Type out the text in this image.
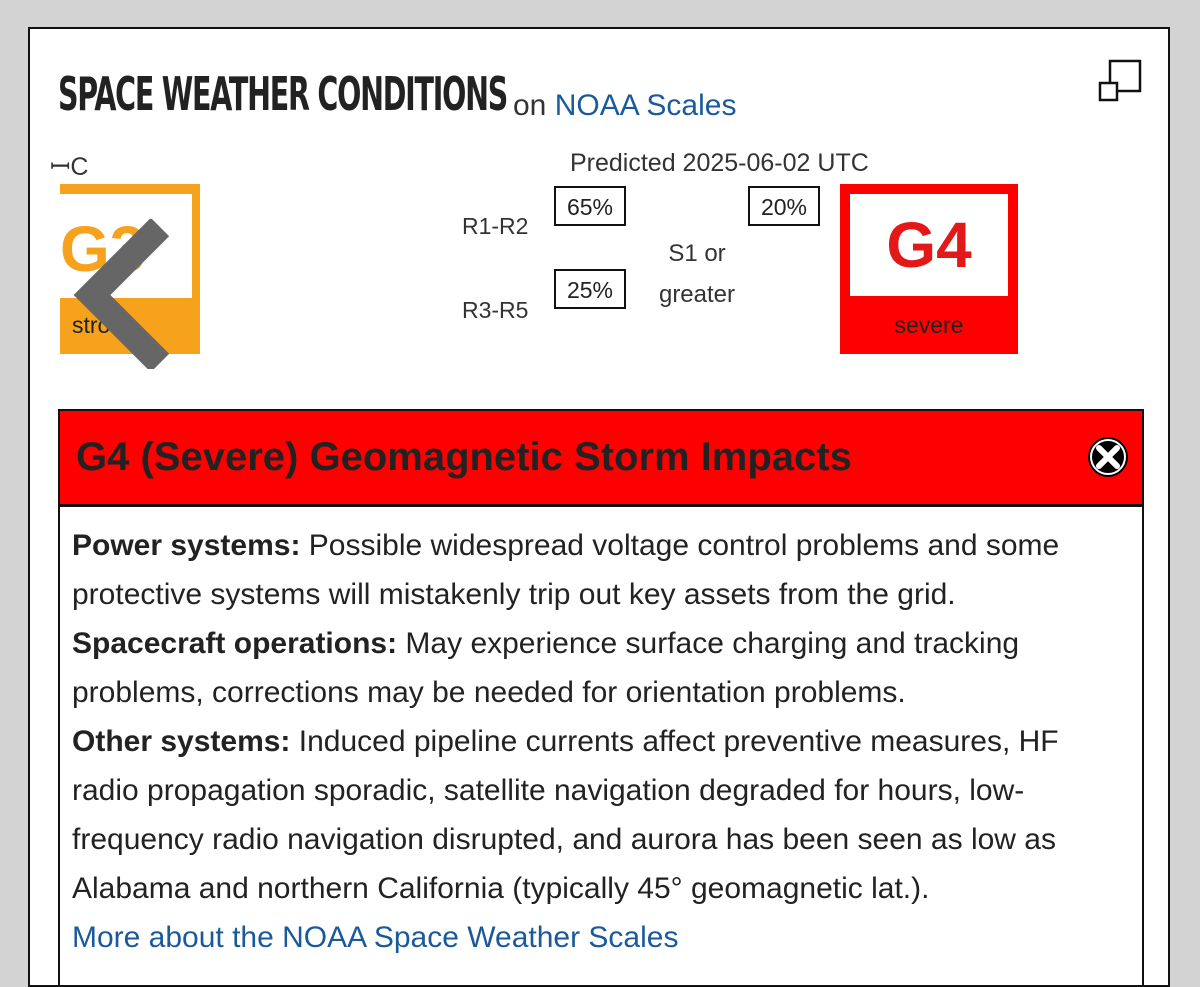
SPACE WEATHER CONDITIONS on NOAA Scales
ꟷC	Predicted 2025-06-02 UTC
G3
strong
R1-R2
65%
R3-R5
25%
S1 or
greater
20%
G4
severe
G4 (Severe) Geomagnetic Storm Impacts
Power systems: Possible widespread voltage control problems and some protective systems will mistakenly trip out key assets from the grid.
Spacecraft operations: May experience surface charging and tracking problems, corrections may be needed for orientation problems.
Other systems: Induced pipeline currents affect preventive measures, HF radio propagation sporadic, satellite navigation degraded for hours, low-frequency radio navigation disrupted, and aurora has been seen as low as Alabama and northern California (typically 45° geomagnetic lat.).
More about the NOAA Space Weather Scales
